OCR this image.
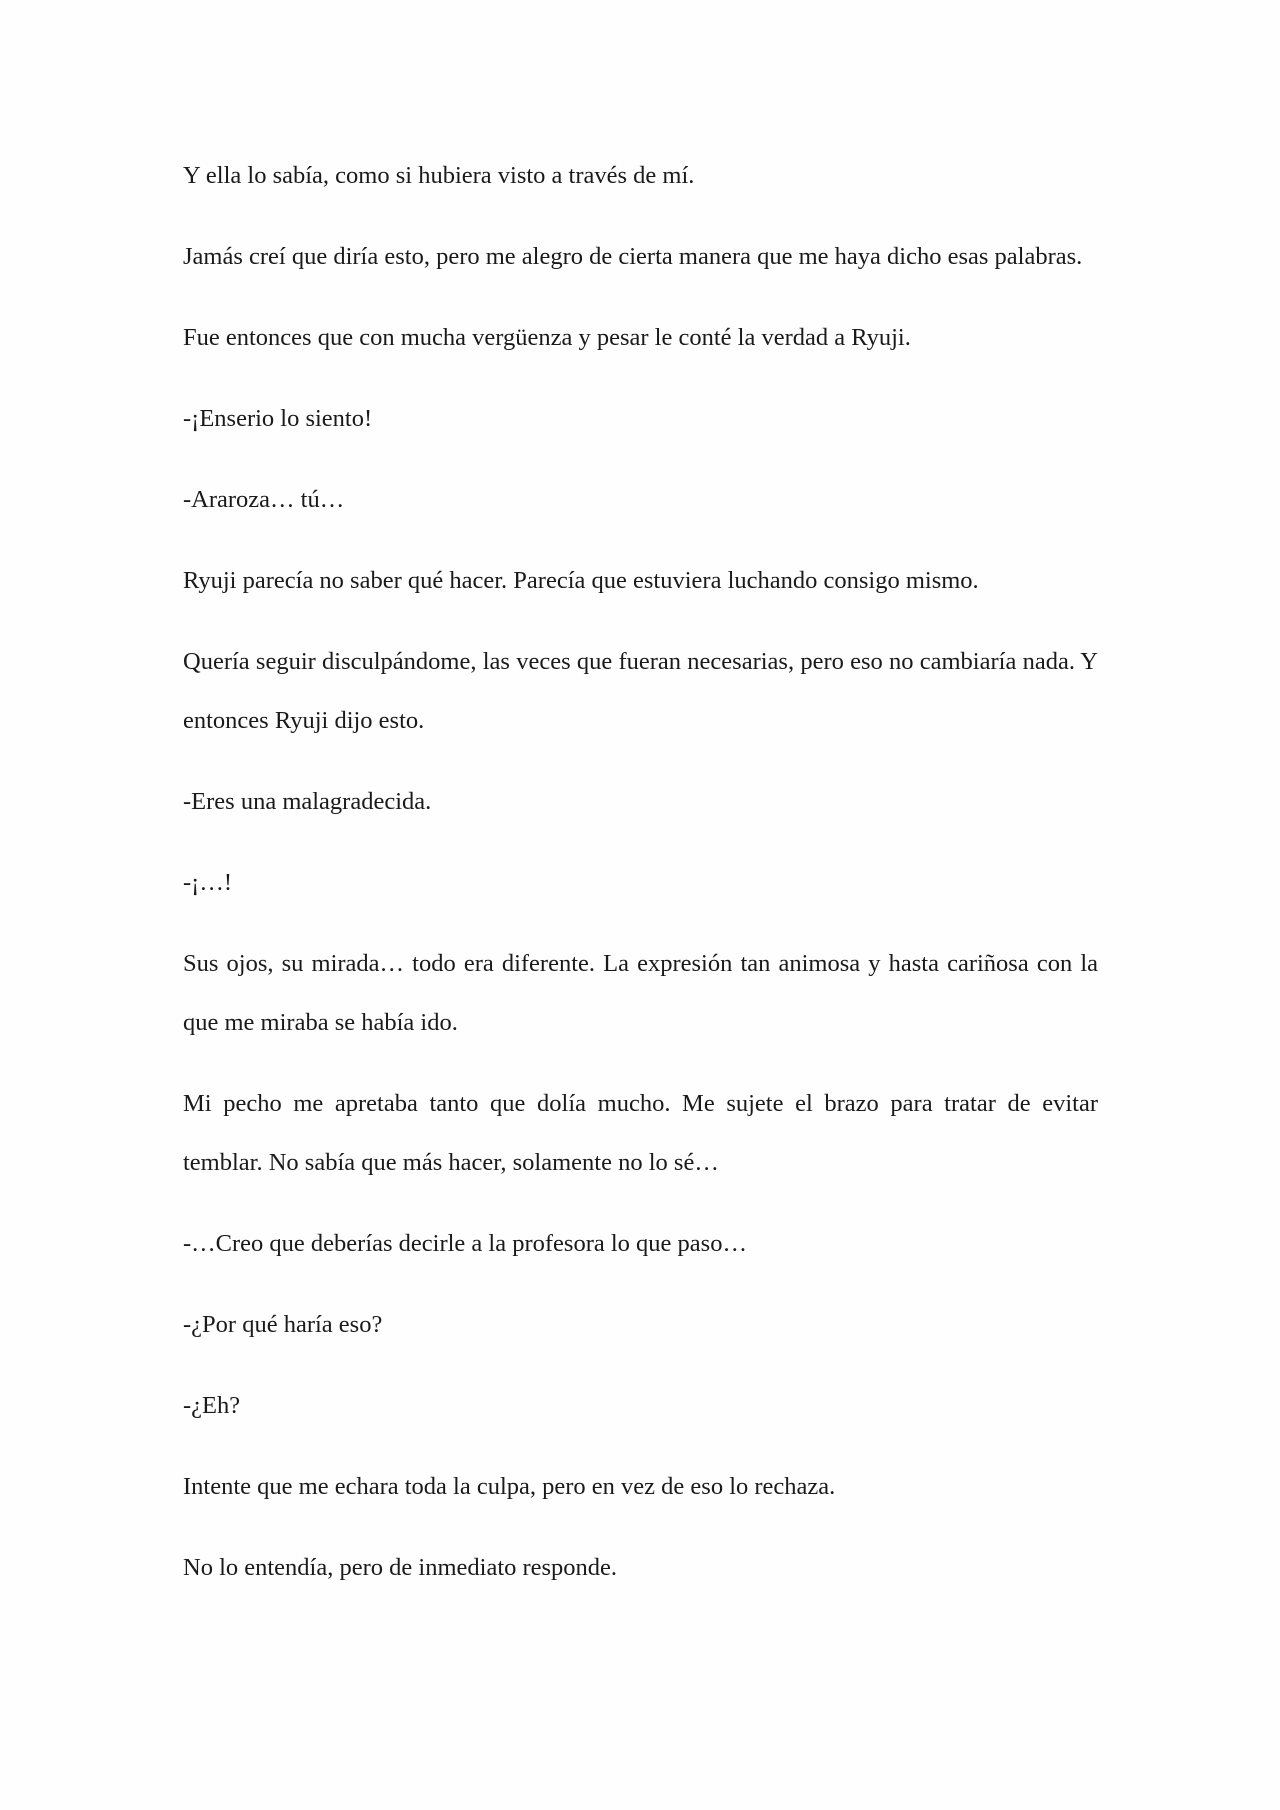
Y ella lo sabía, como si hubiera visto a través de mí.

Jamás creí que diría esto, pero me alegro de cierta manera que me haya dicho esas palabras.

Fue entonces que con mucha vergüenza y pesar le conté la verdad a Ryuji.

-¡Enserio lo siento!

-Araroza… tú…

Ryuji parecía no saber qué hacer. Parecía que estuviera luchando consigo mismo.

Quería seguir disculpándome, las veces que fueran necesarias, pero eso no cambiaría nada. Y entonces Ryuji dijo esto.

-Eres una malagradecida.

-¡…!

Sus ojos, su mirada… todo era diferente. La expresión tan animosa y hasta cariñosa con la que me miraba se había ido.

Mi pecho me apretaba tanto que dolía mucho. Me sujete el brazo para tratar de evitar temblar. No sabía que más hacer, solamente no lo sé…

-…Creo que deberías decirle a la profesora lo que paso…

-¿Por qué haría eso?

-¿Eh?

Intente que me echara toda la culpa, pero en vez de eso lo rechaza.

No lo entendía, pero de inmediato responde.
